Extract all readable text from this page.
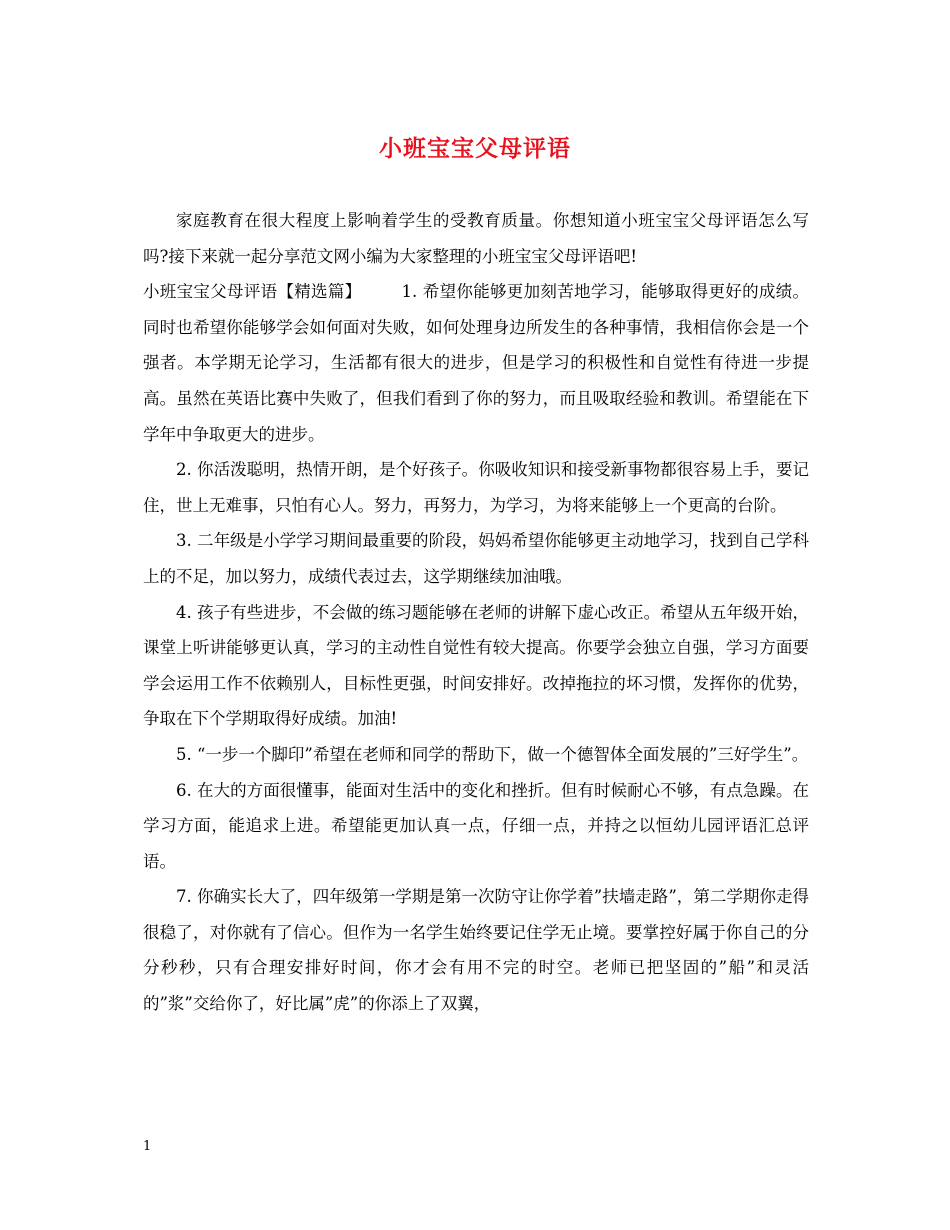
小班宝宝父母评语

家庭教育在很大程度上影响着学生的受教育质量。你想知道小班宝宝父母评语怎么写吗?接下来就一起分享范文网小编为大家整理的小班宝宝父母评语吧!

小班宝宝父母评语【精选篇】 1. 希望你能够更加刻苦地学习，能够取得更好的成绩。同时也希望你能够学会如何面对失败，如何处理身边所发生的各种事情，我相信你会是一个强者。本学期无论学习，生活都有很大的进步，但是学习的积极性和自觉性有待进一步提高。虽然在英语比赛中失败了，但我们看到了你的努力，而且吸取经验和教训。希望能在下学年中争取更大的进步。

2. 你活泼聪明，热情开朗，是个好孩子。你吸收知识和接受新事物都很容易上手，要记住，世上无难事，只怕有心人。努力，再努力，为学习，为将来能够上一个更高的台阶。

3. 二年级是小学学习期间最重要的阶段，妈妈希望你能够更主动地学习，找到自己学科上的不足，加以努力，成绩代表过去，这学期继续加油哦。

4. 孩子有些进步，不会做的练习题能够在老师的讲解下虚心改正。希望从五年级开始，课堂上听讲能够更认真，学习的主动性自觉性有较大提高。你要学会独立自强，学习方面要学会运用工作不依赖别人，目标性更强，时间安排好。改掉拖拉的坏习惯，发挥你的优势，争取在下个学期取得好成绩。加油!

5. “一步一个脚印”希望在老师和同学的帮助下，做一个德智体全面发展的”三好学生”。

6. 在大的方面很懂事，能面对生活中的变化和挫折。但有时候耐心不够，有点急躁。在学习方面，能追求上进。希望能更加认真一点，仔细一点，并持之以恒幼儿园评语汇总评语。

7. 你确实长大了，四年级第一学期是第一次防守让你学着”扶墙走路”，第二学期你走得很稳了，对你就有了信心。但作为一名学生始终要记住学无止境。要掌控好属于你自己的分分秒秒，只有合理安排好时间，你才会有用不完的时空。老师已把坚固的”船”和灵活的”浆”交给你了，好比属”虎”的你添上了双翼，

1
